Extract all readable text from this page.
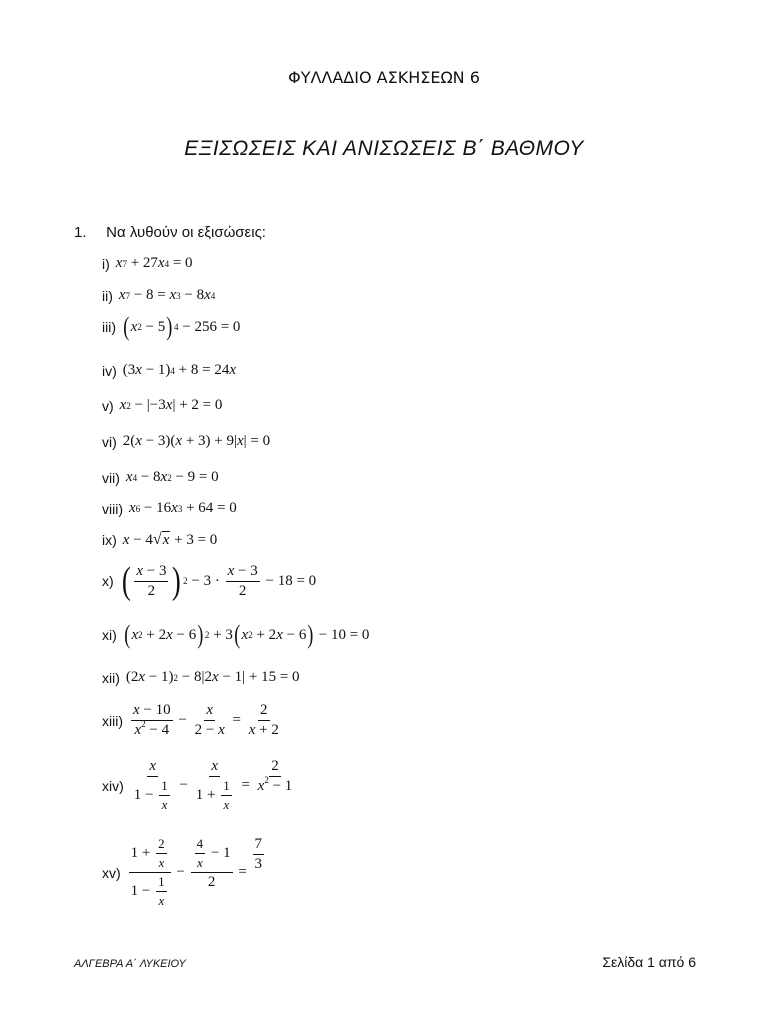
ΦΥΛΛΑΔΙΟ ΑΣΚΗΣΕΩΝ 6
ΕΞΙΣΩΣΕΙΣ ΚΑΙ ΑΝΙΣΩΣΕΙΣ Β΄ ΒΑΘΜΟΥ
1. Να λυθούν οι εξισώσεις:
i) x 7 + 27 x 4 = 0
ii) x 7 − 8 = x 3 − 8 x 4
iii) ( x 2 − 5 ) 4 − 256 = 0
iv) (3 x − 1) 4 + 8 = 24 x
v) x 2 − |−3 x | + 2 = 0
vi) 2( x − 3)( x + 3) + 9| x | = 0
vii) x 4 − 8 x 2 − 9 = 0
viii) x 6 − 16 x 3 + 64 = 0
ix) x − 4 √ x + 3 = 0
x) ( $\frac{x - 3}{2}$ ) $2 - 3 \cdot \frac{x - 3}{2} - 18 = 0$
xi) ( x 2 + 2 x − 6 ) 2 + 3 ( x 2 + 2 x − 6 ) − 10 = 0
xii) (2 x − 1) 2 − 8|2 x − 1| + 15 = 0
xiii) $\frac{x - 10}{x^2 - 4} - \frac{x}{2 - x} = \frac{2}{x + 2}$
$xiv) \frac{x}{1 - \frac{1}{x}} - \frac{x}{1 + \frac{1}{x}} = \frac{2}{x^2 - 1}$
$xv) \frac{1 + \frac{2}{x}}{1 - \frac{1}{x}} - \frac{\frac{4}{x} - 1}{2} = \frac{7}{3}$
ΑΛΓΕΒΡΑ Α΄ ΛΥΚΕΙΟΥ	Σελίδα 1 από 6
